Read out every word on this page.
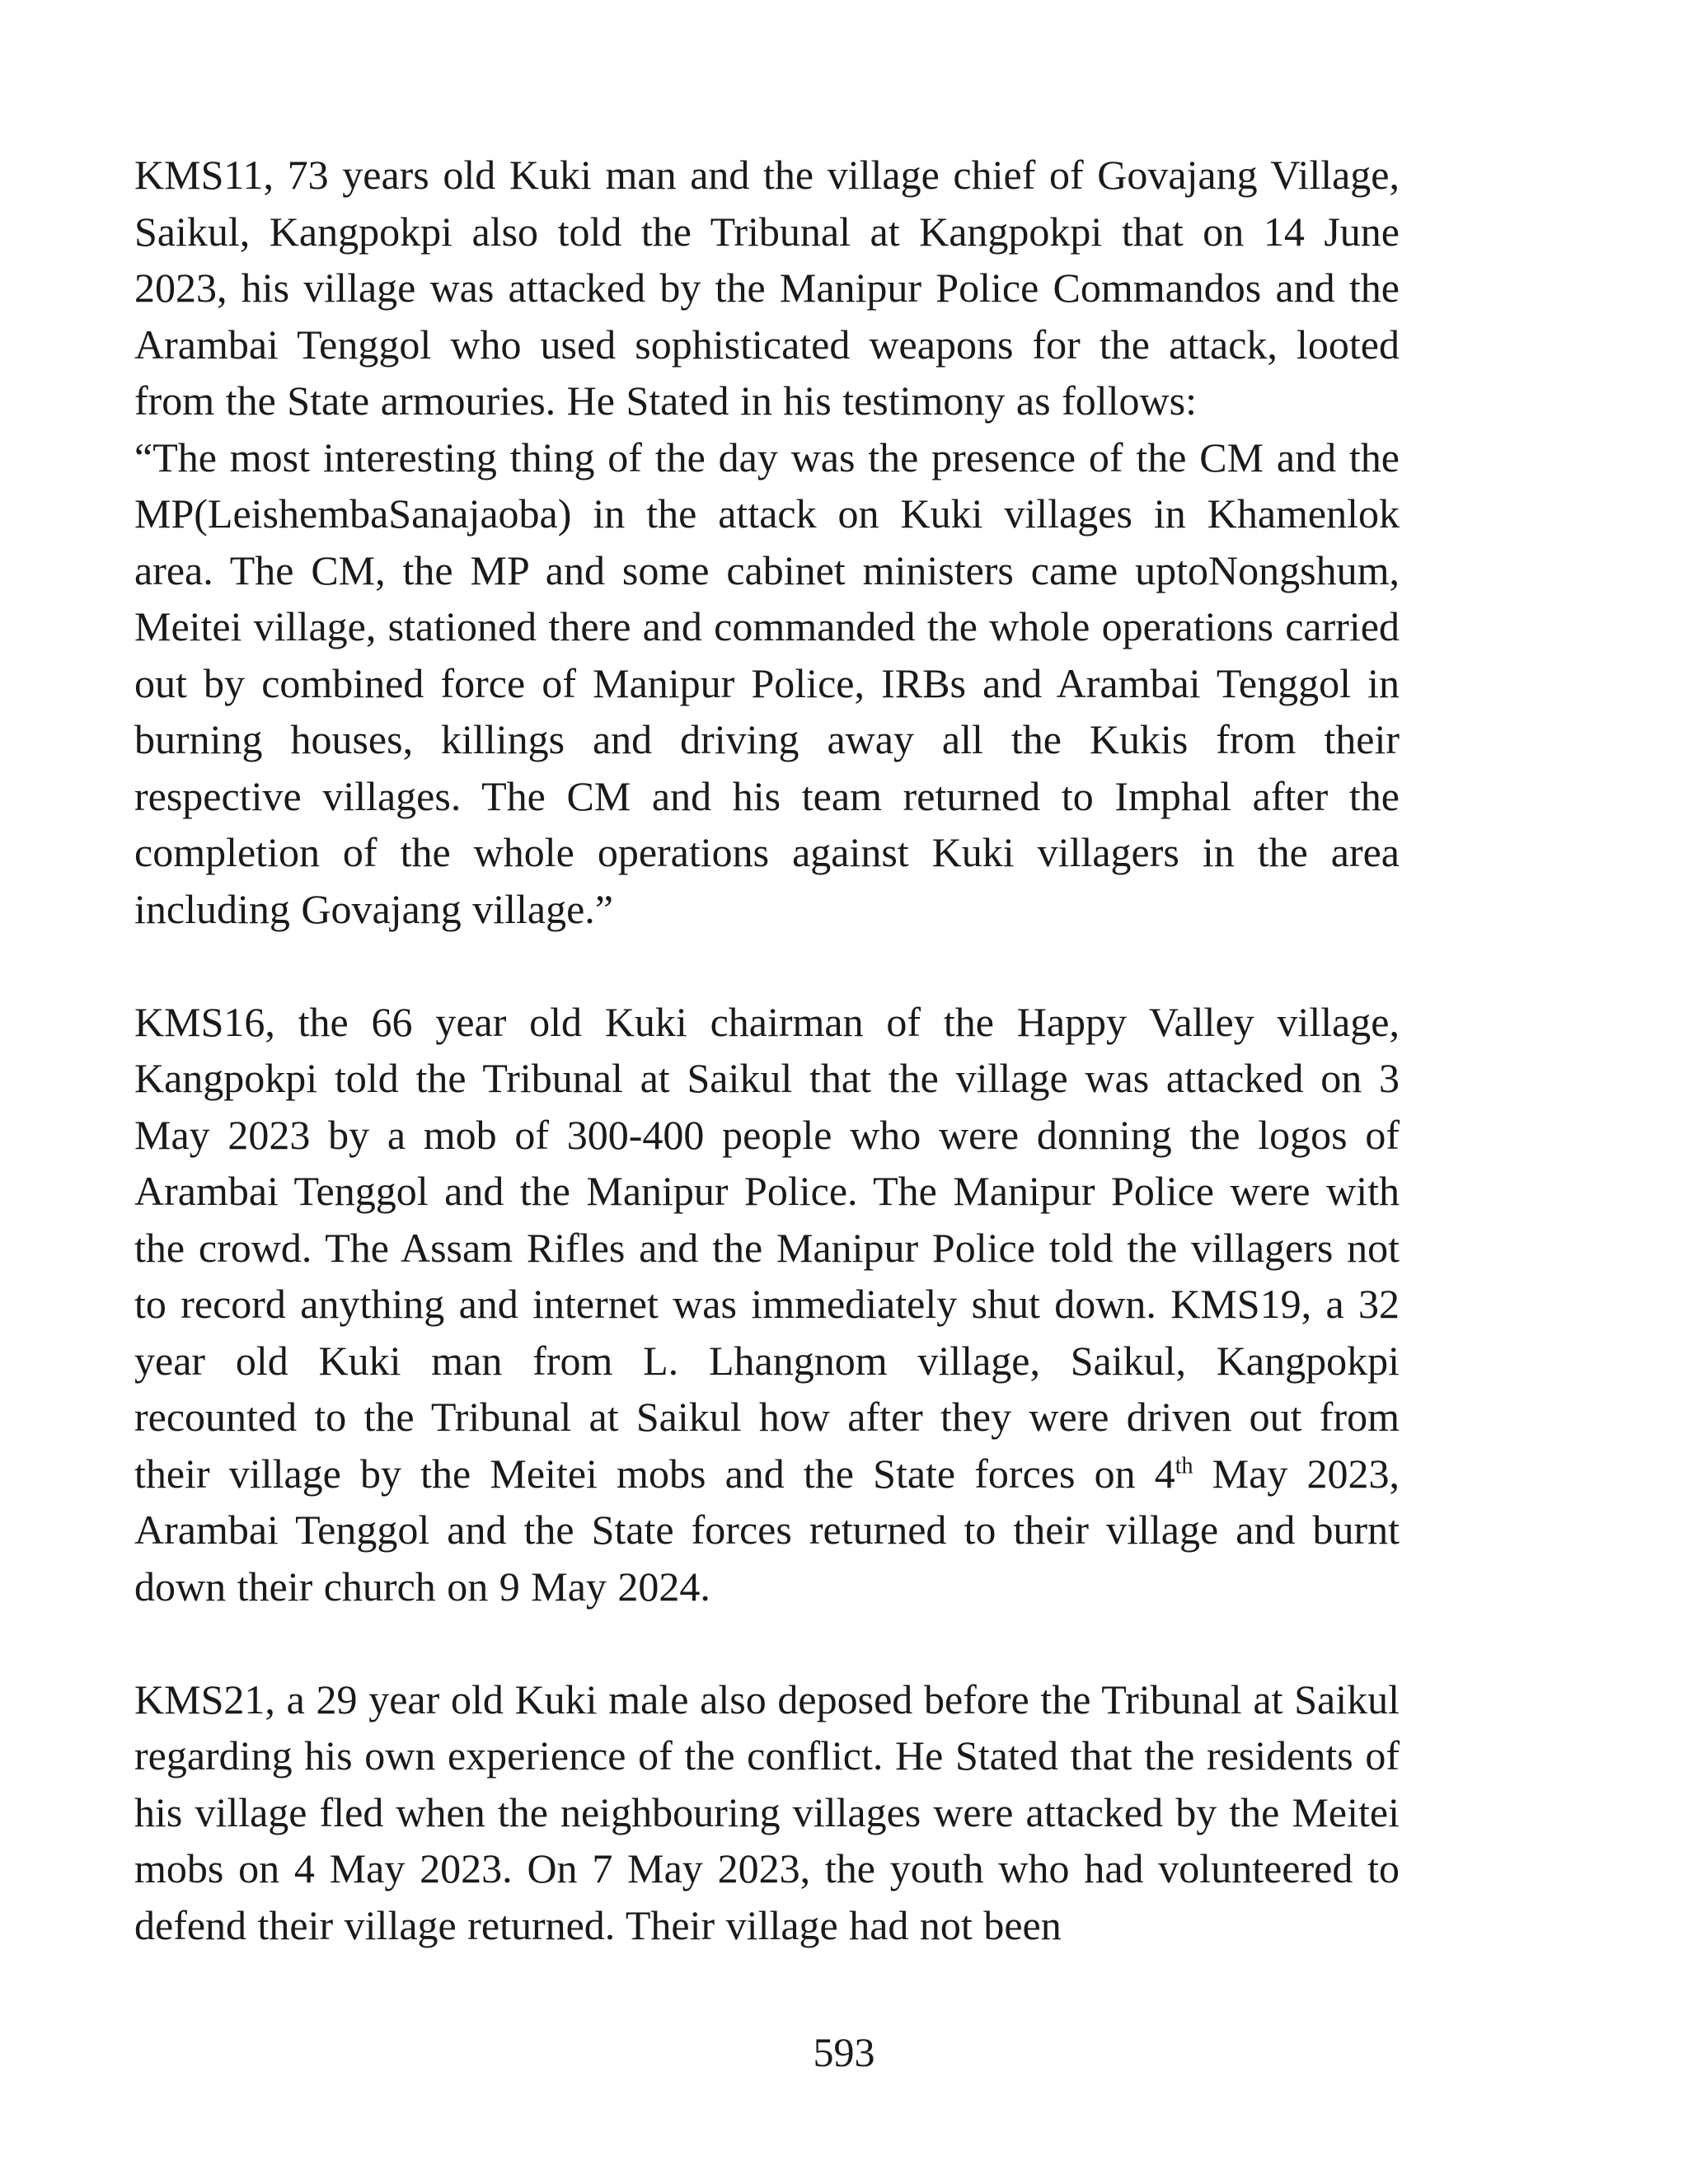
KMS11, 73 years old Kuki man and the village chief of Govajang Village, Saikul, Kangpokpi also told the Tribunal at Kangpokpi that on 14 June 2023, his village was attacked by the Manipur Police Commandos and the Arambai Tenggol who used sophisticated weapons for the attack, looted from the State armouries. He Stated in his testimony as follows:

“The most interesting thing of the day was the presence of the CM and the MP(LeishembaSanajaoba) in the attack on Kuki villages in Khamenlok area. The CM, the MP and some cabinet ministers came uptoNongshum, Meitei village, stationed there and commanded the whole operations carried out by combined force of Manipur Police, IRBs and Arambai Tenggol in burning houses, killings and driving away all the Kukis from their respective villages. The CM and his team returned to Imphal after the completion of the whole operations against Kuki villagers in the area including Govajang village.”

KMS16, the 66 year old Kuki chairman of the Happy Valley village, Kangpokpi told the Tribunal at Saikul that the village was attacked on 3 May 2023 by a mob of 300-400 people who were donning the logos of Arambai Tenggol and the Manipur Police. The Manipur Police were with the crowd. The Assam Rifles and the Manipur Police told the villagers not to record anything and internet was immediately shut down. KMS19, a 32 year old Kuki man from L. Lhangnom village, Saikul, Kangpokpi recounted to the Tribunal at Saikul how after they were driven out from their village by the Meitei mobs and the State forces on 4th May 2023, Arambai Tenggol and the State forces returned to their village and burnt down their church on 9 May 2024.

KMS21, a 29 year old Kuki male also deposed before the Tribunal at Saikul regarding his own experience of the conflict. He Stated that the residents of his village fled when the neighbouring villages were attacked by the Meitei mobs on 4 May 2023. On 7 May 2023, the youth who had volunteered to defend their village returned. Their village had not been

593
